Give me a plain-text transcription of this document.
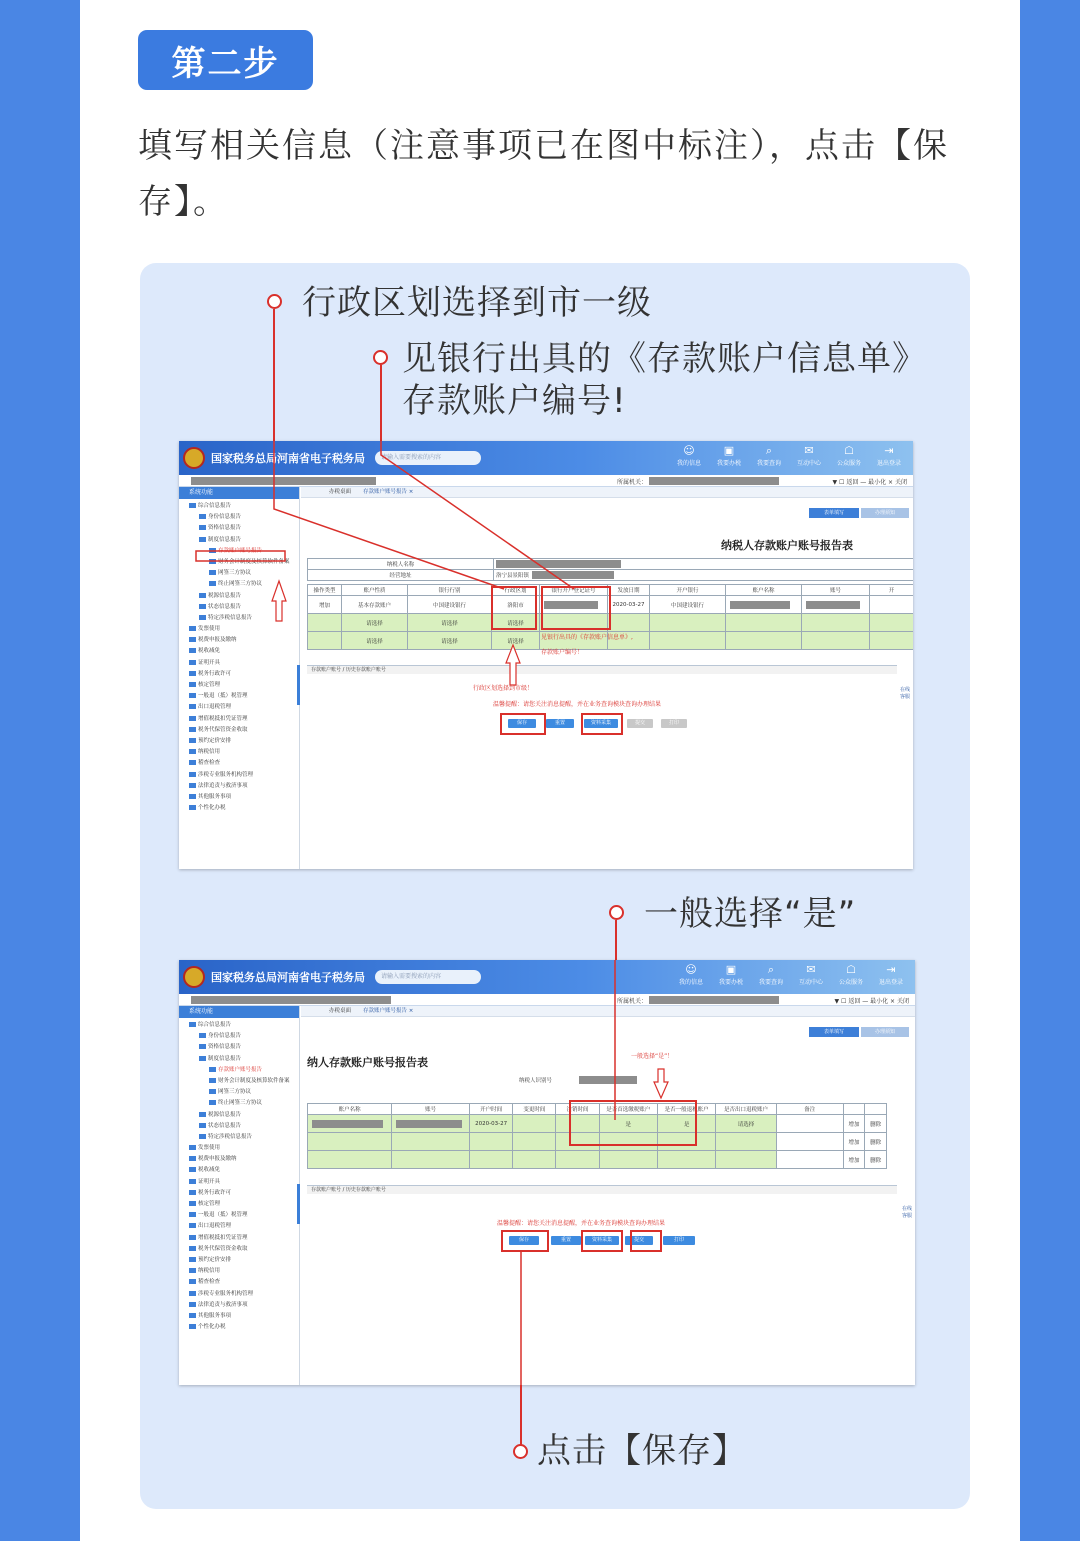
第二步
填写相关信息（注意事项已在图中标注），点击【保存】。
行政区划选择到市一级
见银行出具的《存款账户信息单》
存款账户编号!
国家税务总局河南省电子税务局	请输入需要搜索的内容
☺
我的信息
▣
我要办税
⌕
我要查询
✉
互动中心
☖
公众服务
⇥
退出登录
所属机关：	▼ ☐ 返回 — 最小化 × 关闭
系统功能
综合信息报告
身份信息报告
资格信息报告
制度信息报告
存款账户账号报告
财务会计制度及核算软件备案
网签三方协议
终止网签三方协议
税源信息报告
状态信息报告
特定涉税信息报告
发票使用
税费申报及缴纳
税收减免
证明开具
税务行政许可
核定管理
一般退（抵）税管理
出口退税管理
增值税抵扣凭证管理
税务代保管资金收取
预约定价安排
纳税信用
稽查检查
涉税专业服务机构管理
法律追责与救济事项
其他服务事项
个性化办税
办税桌面 存款账户账号报告 ×
表单填写	办理须知
纳税人存款账户账号报告表
纳税人名称	

经营地址	洛宁县景阳镇
操作类型	账户性质	银行行别	行政区划	银行开户登记证号	发放日期	开户银行	账户名称	账号	开
增加	基本存款账户	中国建设银行	洛阳市		2020-03-27	中国建设银行	

	请选择	请选择	请选择						
	请选择	请选择	请选择						
存款账户账号 / 历史存款账户账号
见银行出具的《存款账户信息单》,
存款账户编号！
行政区划选择到市级！
温馨提醒：请您关注消息提醒，并在业务查询模块查询办理结果
保存	重置	资料采集	提交	打印
在线客服
一般选择“是”
国家税务总局河南省电子税务局	请输入需要搜索的内容
☺
我的信息
▣
我要办税
⌕
我要查询
✉
互动中心
☖
公众服务
⇥
退出登录
所属机关：	▼ ☐ 返回 — 最小化 × 关闭
系统功能
综合信息报告
身份信息报告
资格信息报告
制度信息报告
存款账户账号报告
财务会计制度及核算软件备案
网签三方协议
终止网签三方协议
税源信息报告
状态信息报告
特定涉税信息报告
发票使用
税费申报及缴纳
税收减免
证明开具
税务行政许可
核定管理
一般退（抵）税管理
出口退税管理
增值税抵扣凭证管理
税务代保管资金收取
预约定价安排
纳税信用
稽查检查
涉税专业服务机构管理
法律追责与救济事项
其他服务事项
个性化办税
办税桌面 存款账户账号报告 ×
表单填写	办理须知
纳人存款账户账号报告表	一般选择“是”！
纳税人识别号
账户名称	账号	开户时间	变更时间	注销时间	是否首选缴税账户	是否一般退税账户	是否出口退税账户	备注		

	2020-03-27			是	是	请选择		增加	删除
									增加	删除
									增加	删除
存款账户账号 / 历史存款账户账号
温馨提醒：请您关注消息提醒，并在业务查询模块查询办理结果
保存	重置	资料采集	提交	打印
在线客服
点击【保存】
